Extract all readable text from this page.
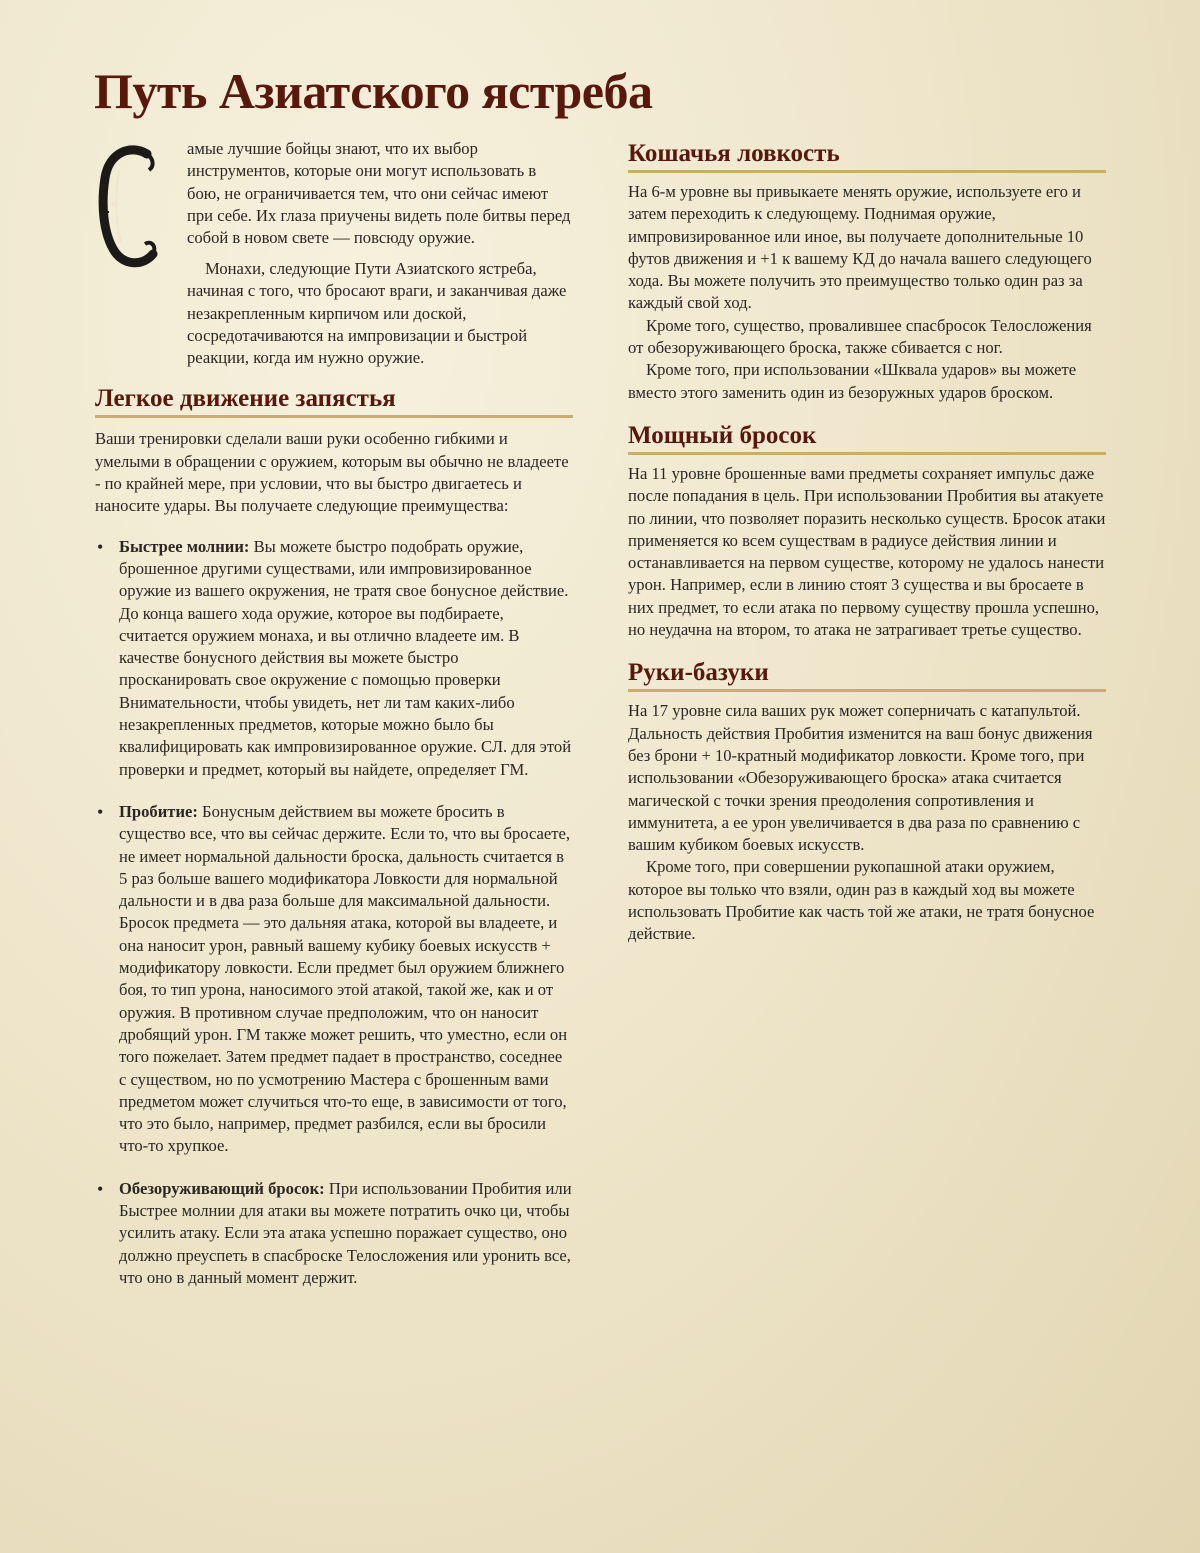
Путь Азиатского ястреба

амые лучшие бойцы знают, что их выбор инструментов, которые они могут использовать в бою, не ограничивается тем, что они сейчас имеют при себе. Их глаза приучены видеть поле битвы перед собой в новом свете — повсюду оружие.

Монахи, следующие Пути Азиатского ястреба, начиная с того, что бросают враги, и заканчивая даже незакрепленным кирпичом или доской, сосредотачиваются на импровизации и быстрой реакции, когда им нужно оружие.

Легкое движение запястья

Ваши тренировки сделали ваши руки особенно гибкими и умелыми в обращении с оружием, которым вы обычно не владеете - по крайней мере, при условии, что вы быстро двигаетесь и наносите удары. Вы получаете следующие преимущества:

• Быстрее молнии: Вы можете быстро подобрать оружие, брошенное другими существами, или импровизированное оружие из вашего окружения, не тратя свое бонусное действие. До конца вашего хода оружие, которое вы подбираете, считается оружием монаха, и вы отлично владеете им. В качестве бонусного действия вы можете быстро просканировать свое окружение с помощью проверки Внимательности, чтобы увидеть, нет ли там каких-либо незакрепленных предметов, которые можно было бы квалифицировать как импровизированное оружие. СЛ. для этой проверки и предмет, который вы найдете, определяет ГМ.
• Пробитие: Бонусным действием вы можете бросить в существо все, что вы сейчас держите. Если то, что вы бросаете, не имеет нормальной дальности броска, дальность считается в 5 раз больше вашего модификатора Ловкости для нормальной дальности и в два раза больше для максимальной дальности. Бросок предмета — это дальняя атака, которой вы владеете, и она наносит урон, равный вашему кубику боевых искусств + модификатору ловкости. Если предмет был оружием ближнего боя, то тип урона, наносимого этой атакой, такой же, как и от оружия. В противном случае предположим, что он наносит дробящий урон. ГМ также может решить, что уместно, если он того пожелает. Затем предмет падает в пространство, соседнее с существом, но по усмотрению Мастера с брошенным вами предметом может случиться что-то еще, в зависимости от того, что это было, например, предмет разбился, если вы бросили что-то хрупкое.
• Обезоруживающий бросок: При использовании Пробития или Быстрее молнии для атаки вы можете потратить очко ци, чтобы усилить атаку. Если эта атака успешно поражает существо, оно должно преуспеть в спасброске Телосложения или уронить все, что оно в данный момент держит.
Кошачья ловкость

На 6-м уровне вы привыкаете менять оружие, используете его и затем переходить к следующему. Поднимая оружие, импровизированное или иное, вы получаете дополнительные 10 футов движения и +1 к вашему КД до начала вашего следующего хода. Вы можете получить это преимущество только один раз за каждый свой ход.

Кроме того, существо, провалившее спасбросок Телосложения от обезоруживающего броска, также сбивается с ног.

Кроме того, при использовании «Шквала ударов» вы можете вместо этого заменить один из безоружных ударов броском.

Мощный бросок

На 11 уровне брошенные вами предметы сохраняет импульс даже после попадания в цель. При использовании Пробития вы атакуете по линии, что позволяет поразить несколько существ. Бросок атаки применяется ко всем существам в радиусе действия линии и останавливается на первом существе, которому не удалось нанести урон. Например, если в линию стоят 3 существа и вы бросаете в них предмет, то если атака по первому существу прошла успешно, но неудачна на втором, то атака не затрагивает третье существо.

Руки-базуки

На 17 уровне сила ваших рук может соперничать с катапультой. Дальность действия Пробития изменится на ваш бонус движения без брони + 10-кратный модификатор ловкости. Кроме того, при использовании «Обезоруживающего броска» атака считается магической с точки зрения преодоления сопротивления и иммунитета, а ее урон увеличивается в два раза по сравнению с вашим кубиком боевых искусств.

Кроме того, при совершении рукопашной атаки оружием, которое вы только что взяли, один раз в каждый ход вы можете использовать Пробитие как часть той же атаки, не тратя бонусное действие.
